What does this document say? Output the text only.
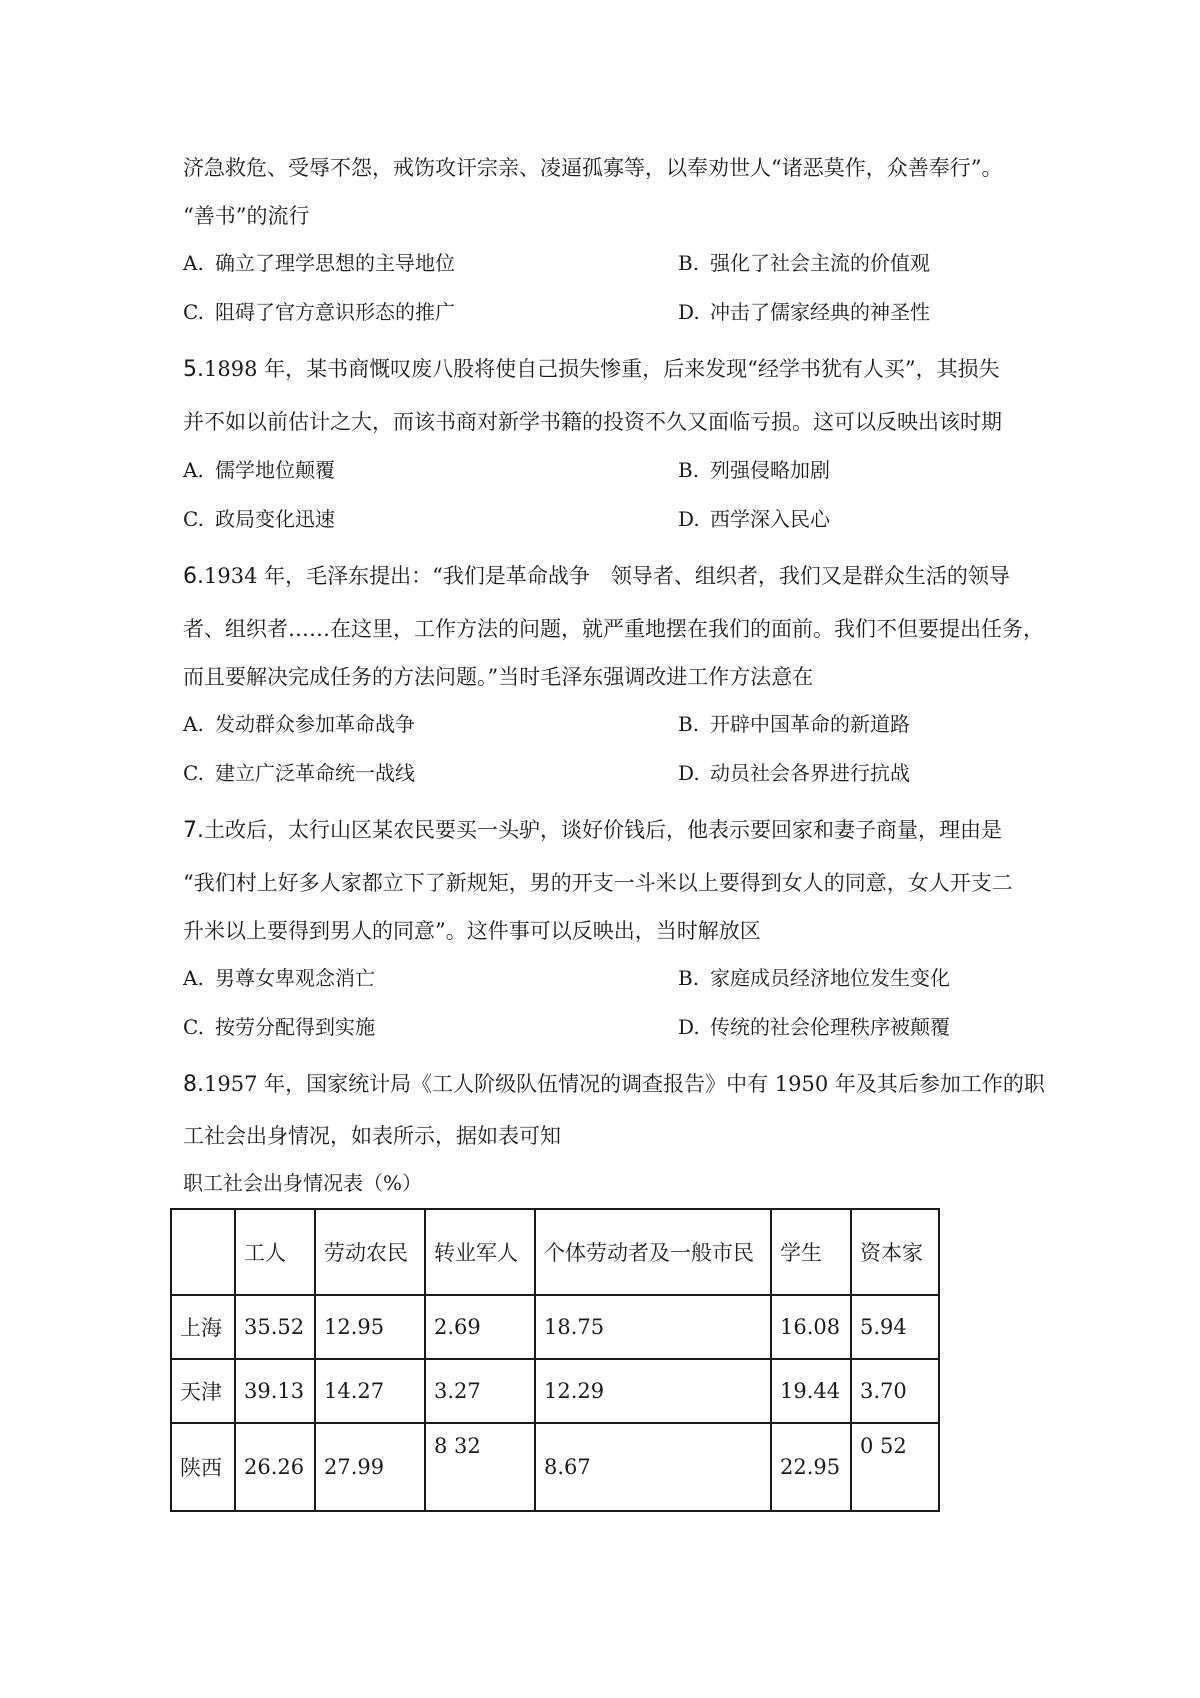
济急救危、受辱不怨，戒饬攻讦宗亲、凌逼孤寡等，以奉劝世人“诸恶莫作，众善奉行”。
“善书”的流行
A. 确立了理学思想的主导地位	B. 强化了社会主流的价值观
C. 阻碍了官方意识形态的推广	D. 冲击了儒家经典的神圣性
5.1898 年，某书商慨叹废八股将使自己损失惨重，后来发现“经学书犹有人买”，其损失
并不如以前估计之大，而该书商对新学书籍的投资不久又面临亏损。这可以反映出该时期
A. 儒学地位颠覆	B. 列强侵略加剧
C. 政局变化迅速	D. 西学深入民心
6.1934 年，毛泽东提出：“我们是革命战争　领导者、组织者，我们又是群众生活的领导
者、组织者……在这里，工作方法的问题，就严重地摆在我们的面前。我们不但要提出任务，
而且要解决完成任务的方法问题。”当时毛泽东强调改进工作方法意在
A. 发动群众参加革命战争	B. 开辟中国革命的新道路
C. 建立广泛革命统一战线	D. 动员社会各界进行抗战
7.土改后，太行山区某农民要买一头驴，谈好价钱后，他表示要回家和妻子商量，理由是
“我们村上好多人家都立下了新规矩，男的开支一斗米以上要得到女人的同意，女人开支二
升米以上要得到男人的同意”。这件事可以反映出，当时解放区
A. 男尊女卑观念消亡	B. 家庭成员经济地位发生变化
C. 按劳分配得到实施	D. 传统的社会伦理秩序被颠覆
8.1957 年，国家统计局《工人阶级队伍情况的调查报告》中有 1950 年及其后参加工作的职
工社会出身情况，如表所示，据如表可知
职工社会出身情况表（%）
	工人	劳动农民	转业军人	个体劳动者及一般市民	学生	资本家
上海	35.52	12.95	2.69	18.75	16.08	5.94
天津	39.13	14.27	3.27	12.29	19.44	3.70
陕西	26.26	27.99	8 32	8.67	22.95	0 52
